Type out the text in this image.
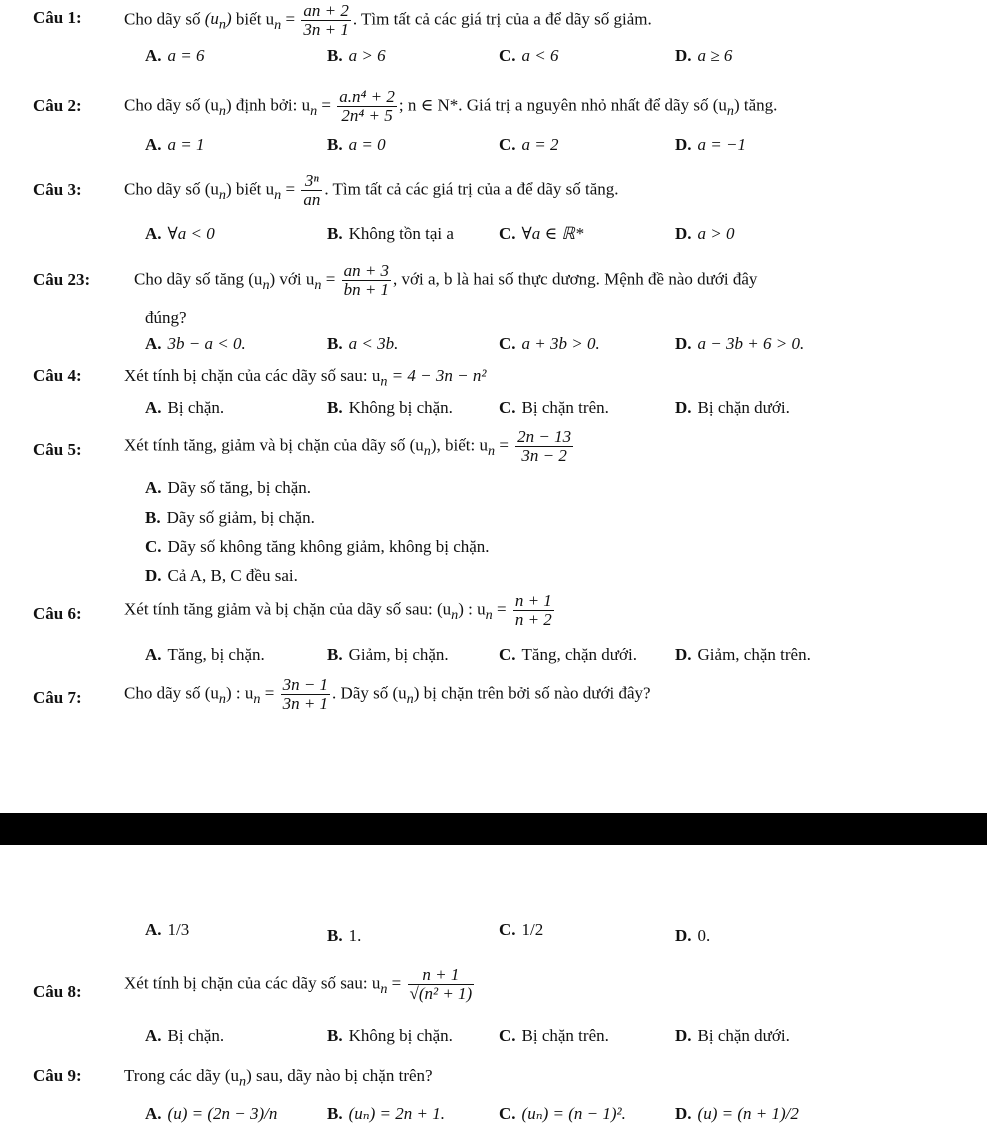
Câu 1: Cho dãy số $(u_n)$ biết $u_n = \frac{an + 2}{3n + 1}$ . Tìm tất cả các giá trị của a để dãy số giảm.
A. a = 6	B. a > 6	C. a < 6	D. a ≥ 6
Câu 2: Cho dãy số $(u_n)$ định bởi: $u_n = \frac{\text{a.n⁴ + 2}}{\text{2n⁴ + 5}}$ ; n ∈ N*. Giá trị a nguyên nhỏ nhất để dãy số $(u_n)$ tăng.
A. a = 1	B. a = 0	C. a = 2	D. a = −1
Câu 3: Cho dãy số $(u_n)$ biết $u_n = \frac{\text{3ⁿ}}{an}$ . Tìm tất cả các giá trị của a để dãy số tăng.
A. ∀a < 0	B. Không tồn tại a	C. ∀a ∈ ℝ*	D. a > 0
Câu 23:	Cho dãy số tăng $(u_n)$ với $u_n = \frac{an + 3}{bn + 1}$ , với a, b là hai số thực dương. Mệnh đề nào dưới đây
đúng?
A. 3b − a < 0.	B. a < 3b.	C. a + 3b > 0.	D. a − 3b + 6 > 0.
Câu 4: Xét tính bị chặn của các dãy số sau: $u_n = 4 - 3n - n^2$
A. Bị chặn.	B. Không bị chặn.	C. Bị chặn trên.	D. Bị chặn dưới.
Câu 5: Xét tính tăng, giảm và bị chặn của dãy số $(u_n)$, biết: $u_n = \frac{2n - 13}{3n - 2}$
A. Dãy số tăng, bị chặn.
B. Dãy số giảm, bị chặn.
C. Dãy số không tăng không giảm, không bị chặn.
D. Cả A, B, C đều sai.
Câu 6: Xét tính tăng giảm và bị chặn của dãy số sau: $(u_n)$ : $u_n = \frac{n + 1}{n + 2}$
A. Tăng, bị chặn.	B. Giảm, bị chặn.	C. Tăng, chặn dưới. D. Giảm, chặn trên.
Câu 7: Cho dãy số $(u_n)$ : $u_n = \frac{3n - 1}{3n + 1}$ . Dãy số $(u_n)$ bị chặn trên bởi số nào dưới đây?
A. 1/3	B. 1.	C. 1/2	D. 0.
Câu 8: Xét tính bị chặn của các dãy số sau: $u_n = \frac{n + 1}{\text{√(n² + 1)}}$
A. Bị chặn.	B. Không bị chặn.	C. Bị chặn trên.	D. Bị chặn dưới.
Câu 9: Trong các dãy $(u_n)$ sau, dãy nào bị chặn trên?
A. (u) = (2n − 3)/n	B. (uₙ) = 2n + 1.	C. (uₙ) = (n − 1)².	D. (u) = (n + 1)/2
